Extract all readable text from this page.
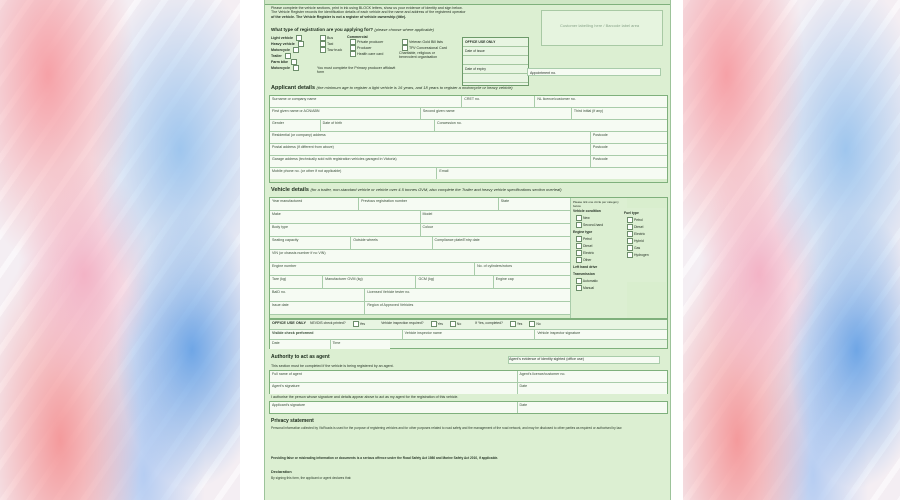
Please complete the vehicle sections, print in ink using BLOCK letters, show us your evidence of identity and sign below.
The Vehicle Register records the identification details of each vehicle and the name and address of the registered operator
of the vehicle. The Vehicle Register is not a register of vehicle ownership (title).
Customer labelling here / Barcode label area
What type of registration are you applying for? (please choose where applicable)
Light vehicle
Heavy vehicle
Motorcycle
Trailer
Farm bike
Motorcycle
Bus
Taxi
Tow truck
Commercial
Private producer
Producer
Health care card
Veteran Gold Bill lists
TPI/ Concessional Card
Charitable, religious or
benevolent organisation
You must complete the Primary producer affidavit form
OFFICE USE ONLY
Date of issue
Date of expiry
Appointment no.
Applicant details (the minimum age to register a light vehicle is 16 years, and 18 years to register a motorcycle or heavy vehicle)
Surname or company name	CRET no.	NL licence/customer no.
First given name or ACN/ABN	Second given name	Third initial (if any)
Gender	Date of birth	Concession no.
Residential (or company) address	Postcode
Postal address (if different from above)	Postcode
Garage address (technically sold with registration vehicles garaged in Victoria)	Postcode
Mobile phone no. (or other if not applicable)	Email
Vehicle details (for a trailer, non-standard vehicle or vehicle over 4.5 tonnes GVM, also complete the Trailer and heavy vehicle specifications section overleaf)
Year manufactured	Previous registration number	State
Make	Model
Body type	Colour
Seating capacity	Outside wheels	Compliance plate/Entry date
VIN (or chassis number if no VIN)
Engine number	No. of cylinders/rotors
Tare (kg)	Manufacturer GVM (kg)	GCM (kg)	Engine cap
BaID no.	Licensed Vehicle tester no.
Issue date	Region of Approved Vehicles
Please tick one circle per category below
Vehicle condition
New
Second-hand
Engine type
Petrol
Diesel
Electric
Other
Left hand drive
Transmission
Automatic
Manual
Fuel type
Petrol
Diesel
Electric
Hybrid
Gas
Hydrogen
OFFICE USE ONLY	NEVDIS check printed?	Yes	Vehicle inspection required?	Yes	No	If Yes, completed?	Yes	No
Visible check performed	Vehicle inspector name	Vehicle inspector signature
Date	Time
Authority to act as agent	Agent's evidence of identity sighted (office use)
This section must be completed if the vehicle is being registered by an agent.
Full name of agent	Agent's licence/customer no.
Agent's signature	Date
I authorise the person whose signature and details appear above to act as my agent for the registration of this vehicle.
Applicant's signature	Date
Privacy statement
Personal information collected by VicRoads is used for the purpose of registering vehicles and for other purposes related to road safety and the management of the road network, and may be disclosed to other parties as required or authorised by law.
Providing false or misleading information or documents is a serious offence under the Road Safety Act 1986 and Marine Safety Act 2010, if applicable.
Declaration
By signing this form, the applicant or agent declares that:
